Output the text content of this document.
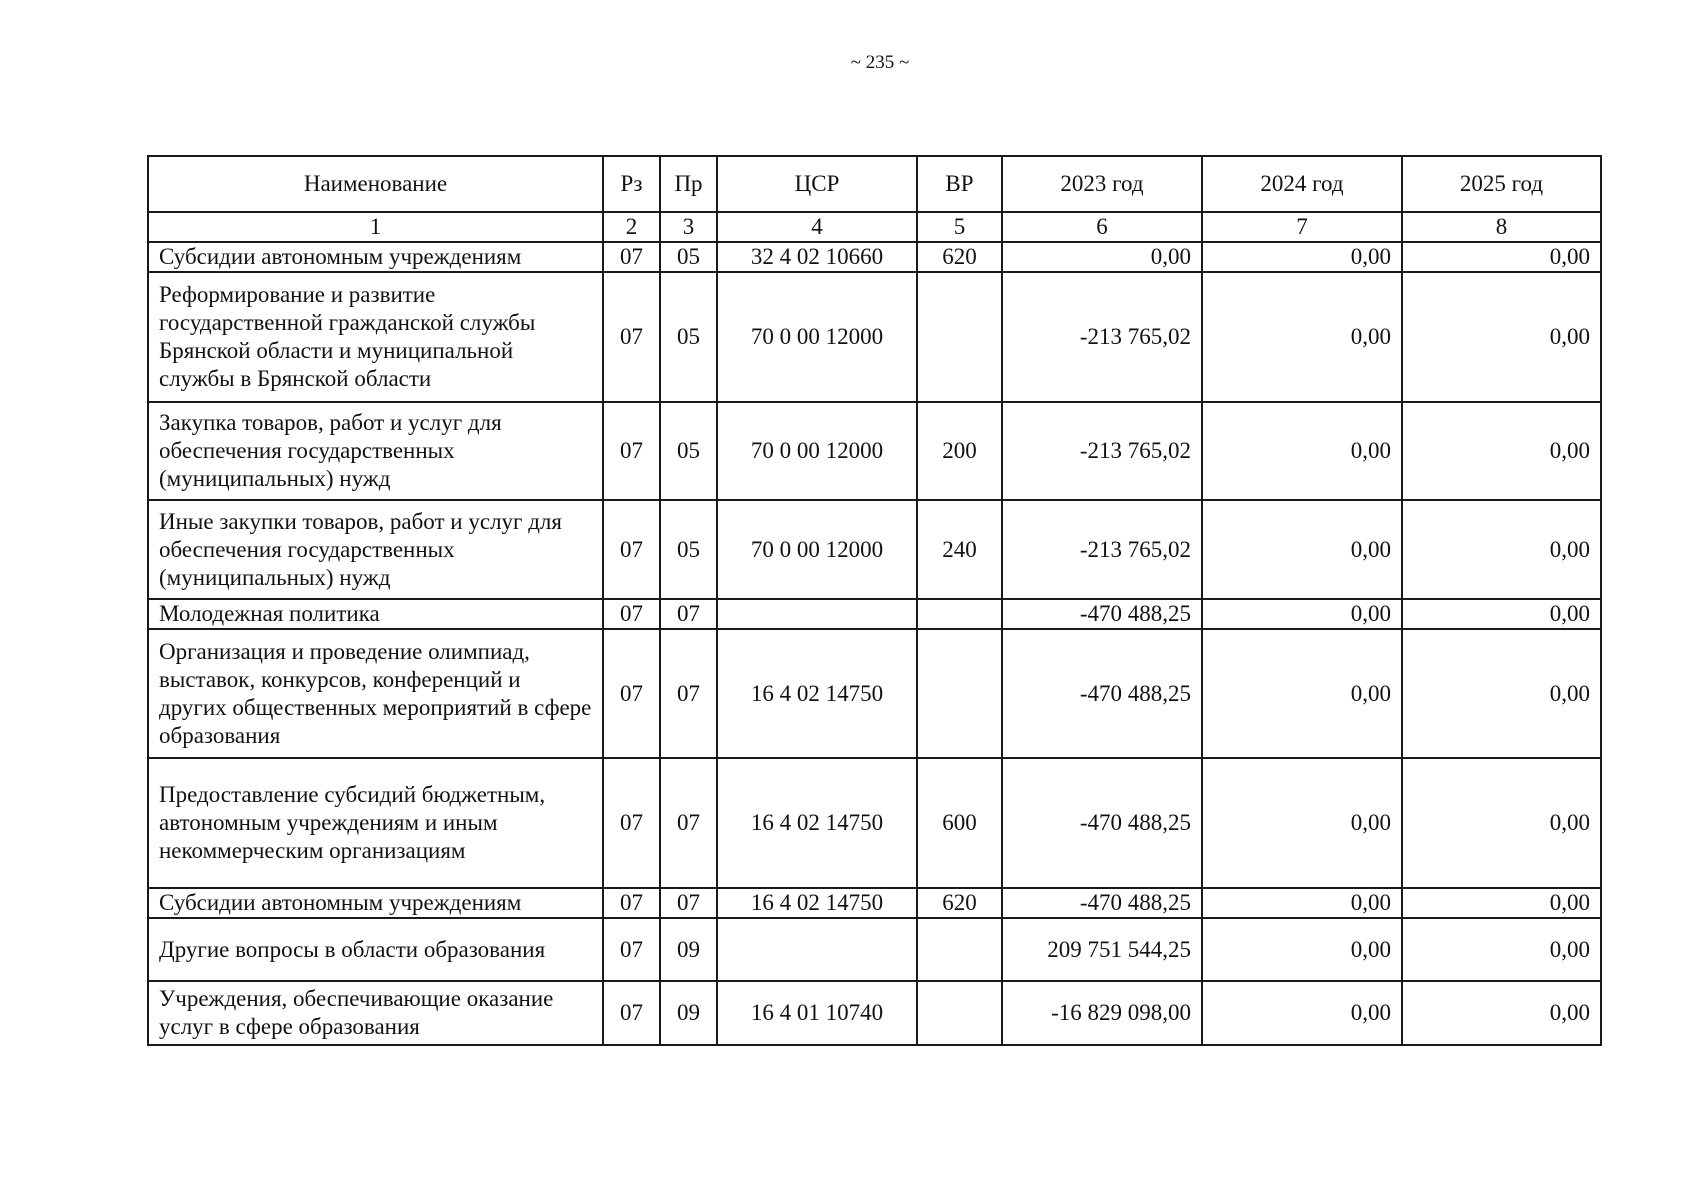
~ 235 ~
Наименование	Рз	Пр	ЦСР	ВР	2023 год	2024 год	2025 год
1	2	3	4	5	6	7	8
Субсидии автономным учреждениям	07	05	32 4 02 10660	620	0,00	0,00	0,00
Реформирование и развитие государственной гражданской службы Брянской области и муниципальной службы в Брянской области	07	05	70 0 00 12000		-213 765,02	0,00	0,00
Закупка товаров, работ и услуг для обеспечения государственных (муниципальных) нужд	07	05	70 0 00 12000	200	-213 765,02	0,00	0,00
Иные закупки товаров, работ и услуг для обеспечения государственных (муниципальных) нужд	07	05	70 0 00 12000	240	-213 765,02	0,00	0,00
Молодежная политика	07	07			-470 488,25	0,00	0,00
Организация и проведение олимпиад, выставок, конкурсов, конференций и других общественных мероприятий в сфере образования	07	07	16 4 02 14750		-470 488,25	0,00	0,00
Предоставление субсидий бюджетным, автономным учреждениям и иным некоммерческим организациям	07	07	16 4 02 14750	600	-470 488,25	0,00	0,00
Субсидии автономным учреждениям	07	07	16 4 02 14750	620	-470 488,25	0,00	0,00
Другие вопросы в области образования	07	09			209 751 544,25	0,00	0,00
Учреждения, обеспечивающие оказание услуг в сфере образования	07	09	16 4 01 10740		-16 829 098,00	0,00	0,00
